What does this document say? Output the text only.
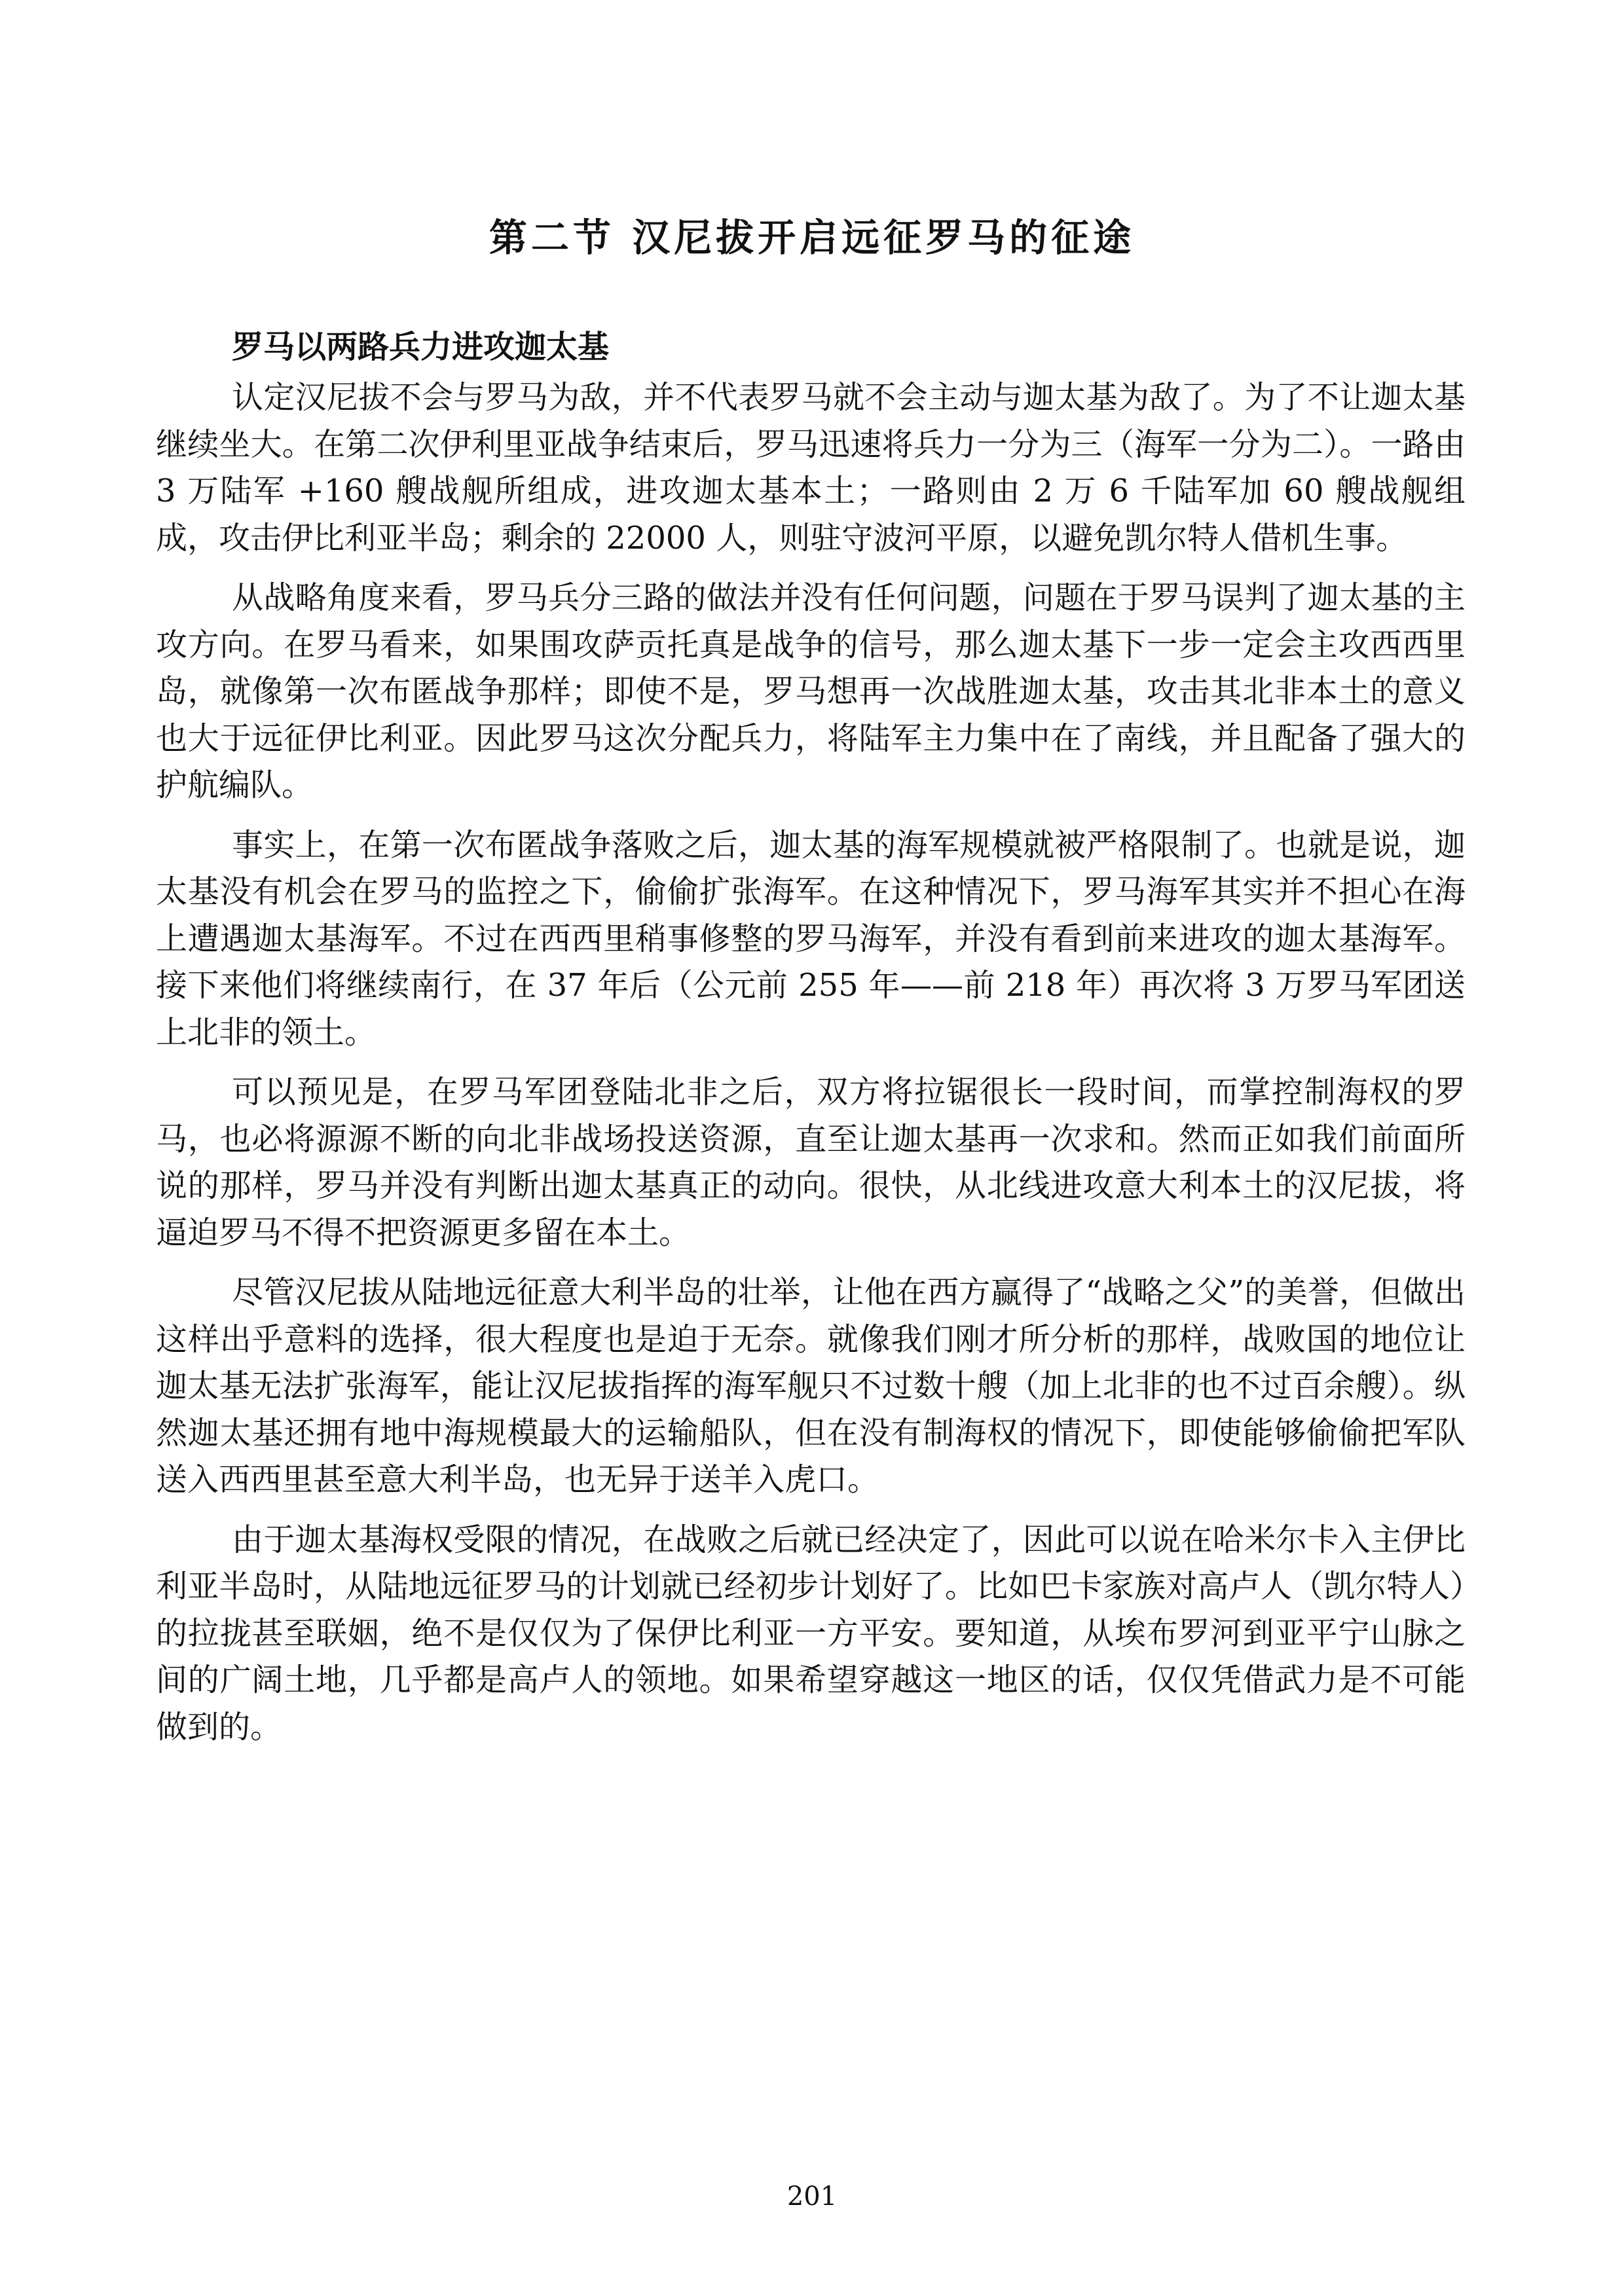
第二节 汉尼拔开启远征罗马的征途
罗马以两路兵力进攻迦太基

认定汉尼拔不会与罗马为敌，并不代表罗马就不会主动与迦太基为敌了。为了不让迦太基继续坐大。在第二次伊利里亚战争结束后，罗马迅速将兵力一分为三（海军一分为二）。一路由 3 万陆军 +160 艘战舰所组成，进攻迦太基本土；一路则由 2 万 6 千陆军加 60 艘战舰组成，攻击伊比利亚半岛；剩余的 22000 人，则驻守波河平原，以避免凯尔特人借机生事。

从战略角度来看，罗马兵分三路的做法并没有任何问题，问题在于罗马误判了迦太基的主攻方向。在罗马看来，如果围攻萨贡托真是战争的信号，那么迦太基下一步一定会主攻西西里岛，就像第一次布匿战争那样；即使不是，罗马想再一次战胜迦太基，攻击其北非本土的意义也大于远征伊比利亚。因此罗马这次分配兵力，将陆军主力集中在了南线，并且配备了强大的护航编队。

事实上，在第一次布匿战争落败之后，迦太基的海军规模就被严格限制了。也就是说，迦太基没有机会在罗马的监控之下，偷偷扩张海军。在这种情况下，罗马海军其实并不担心在海上遭遇迦太基海军。不过在西西里稍事修整的罗马海军，并没有看到前来进攻的迦太基海军。接下来他们将继续南行，在 37 年后（公元前 255 年——前 218 年）再次将 3 万罗马军团送上北非的领土。

可以预见是，在罗马军团登陆北非之后，双方将拉锯很长一段时间，而掌控制海权的罗马，也必将源源不断的向北非战场投送资源，直至让迦太基再一次求和。然而正如我们前面所说的那样，罗马并没有判断出迦太基真正的动向。很快，从北线进攻意大利本土的汉尼拔，将逼迫罗马不得不把资源更多留在本土。

尽管汉尼拔从陆地远征意大利半岛的壮举，让他在西方赢得了“战略之父”的美誉，但做出这样出乎意料的选择，很大程度也是迫于无奈。就像我们刚才所分析的那样，战败国的地位让迦太基无法扩张海军，能让汉尼拔指挥的海军舰只不过数十艘（加上北非的也不过百余艘）。纵然迦太基还拥有地中海规模最大的运输船队，但在没有制海权的情况下，即使能够偷偷把军队送入西西里甚至意大利半岛，也无异于送羊入虎口。

由于迦太基海权受限的情况，在战败之后就已经决定了，因此可以说在哈米尔卡入主伊比利亚半岛时，从陆地远征罗马的计划就已经初步计划好了。比如巴卡家族对高卢人（凯尔特人）的拉拢甚至联姻，绝不是仅仅为了保伊比利亚一方平安。要知道，从埃布罗河到亚平宁山脉之间的广阔土地，几乎都是高卢人的领地。如果希望穿越这一地区的话，仅仅凭借武力是不可能做到的。

201
